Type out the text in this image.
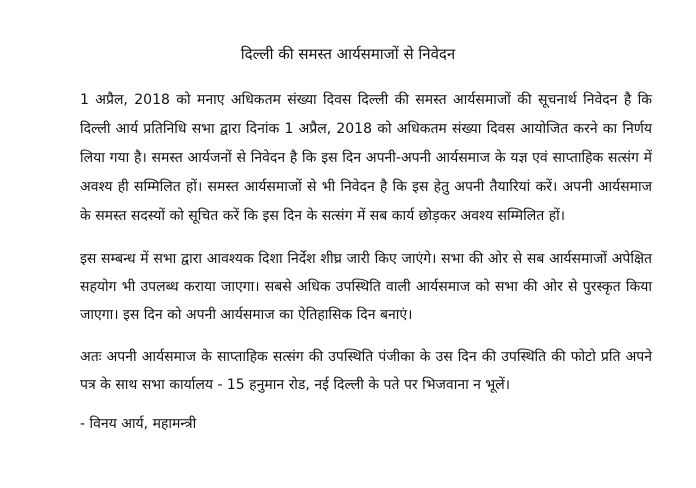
दिल्ली की समस्त आर्यसमाजों से निवेदन

1 अप्रैल, 2018 को मनाए अधिकतम संख्या दिवस दिल्ली की समस्त आर्यसमाजों की सूचनार्थ निवेदन है कि दिल्ली आर्य प्रतिनिधि सभा द्वारा दिनांक 1 अप्रैल, 2018 को अधिकतम संख्या दिवस आयोजित करने का निर्णय लिया गया है। समस्त आर्यजनों से निवेदन है कि इस दिन अपनी-अपनी आर्यसमाज के यज्ञ एवं साप्ताहिक सत्संग में अवश्य ही सम्मिलित हों। समस्त आर्यसमाजों से भी निवेदन है कि इस हेतु अपनी तैयारियां करें। अपनी आर्यसमाज के समस्त सदस्यों को सूचित करें कि इस दिन के सत्संग में सब कार्य छोड़कर अवश्य सम्मिलित हों।

इस सम्बन्ध में सभा द्वारा आवश्यक दिशा निर्देश शीघ्र जारी किए जाएंगे। सभा की ओर से सब आर्यसमाजों अपेक्षित सहयोग भी उपलब्ध कराया जाएगा। सबसे अधिक उपस्थिति वाली आर्यसमाज को सभा की ओर से पुरस्कृत किया जाएगा। इस दिन को अपनी आर्यसमाज का ऐतिहासिक दिन बनाएं।

अतः अपनी आर्यसमाज के साप्ताहिक सत्संग की उपस्थिति पंजीका के उस दिन की उपस्थिति की फोटो प्रति अपने पत्र के साथ सभा कार्यालय - 15 हनुमान रोड, नई दिल्ली के पते पर भिजवाना न भूलें।

- विनय आर्य, महामन्त्री
